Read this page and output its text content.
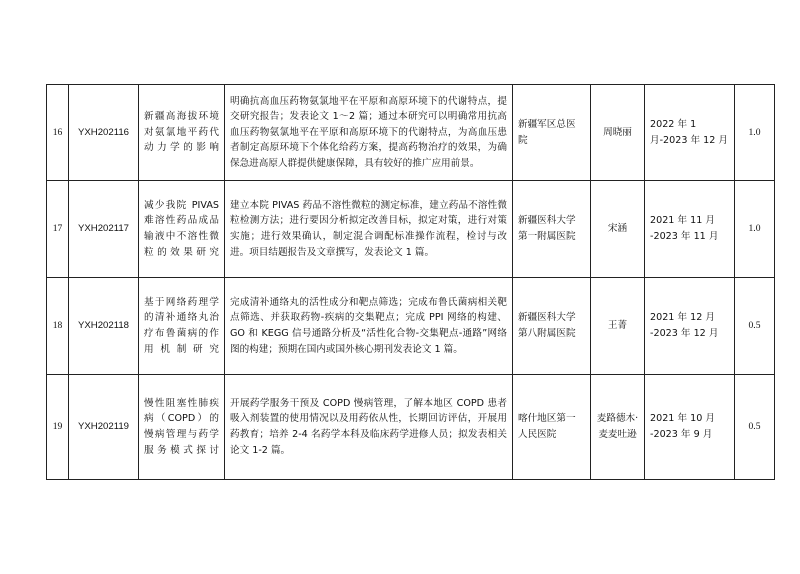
16	YXH202116	新疆高海拔环境对氨氯地平药代动力学的影响	明确抗高血压药物氨氯地平在平原和高原环境下的代谢特点，提交研究报告；发表论文 1～2 篇；通过本研究可以明确常用抗高血压药物氨氯地平在平原和高原环境下的代谢特点，为高血压患者制定高原环境下个体化给药方案，提高药物治疗的效果，为确保急进高原人群提供健康保障，具有较好的推广应用前景。	新疆军区总医院	周晓丽	2022 年 1 月-2023 年 12 月	1.0
17	YXH202117	减少我院 PIVAS 难溶性药品成品输液中不溶性微粒的效果研究	建立本院 PIVAS 药品不溶性微粒的测定标准，建立药品不溶性微粒检测方法；进行要因分析拟定改善目标，拟定对策，进行对策实施；进行效果确认，制定混合调配标准操作流程，检讨与改进。项目结题报告及文章撰写，发表论文 1 篇。	新疆医科大学第一附属医院	宋涵	2021 年 11 月 -2023 年 11 月	1.0
18	YXH202118	基于网络药理学的清补通络丸治疗布鲁菌病的作用机制研究	完成清补通络丸的活性成分和靶点筛选；完成布鲁氏菌病相关靶点筛选、并获取药物-疾病的交集靶点；完成 PPI 网络的构建、GO 和 KEGG 信号通路分析及“活性化合物-交集靶点-通路”网络图的构建；预期在国内或国外核心期刊发表论文 1 篇。	新疆医科大学第八附属医院	王菁	2021 年 12 月 -2023 年 12 月	0.5
19	YXH202119	慢性阻塞性肺疾病（COPD）的慢病管理与药学服务模式探讨	开展药学服务干预及 COPD 慢病管理，了解本地区 COPD 患者吸入剂装置的使用情况以及用药依从性，长期回访评估，开展用药教育；培养 2-4 名药学本科及临床药学进修人员；拟发表相关论文 1-2 篇。	喀什地区第一人民医院	麦路德木·麦麦吐逊	2021 年 10 月 -2023 年 9 月	0.5
